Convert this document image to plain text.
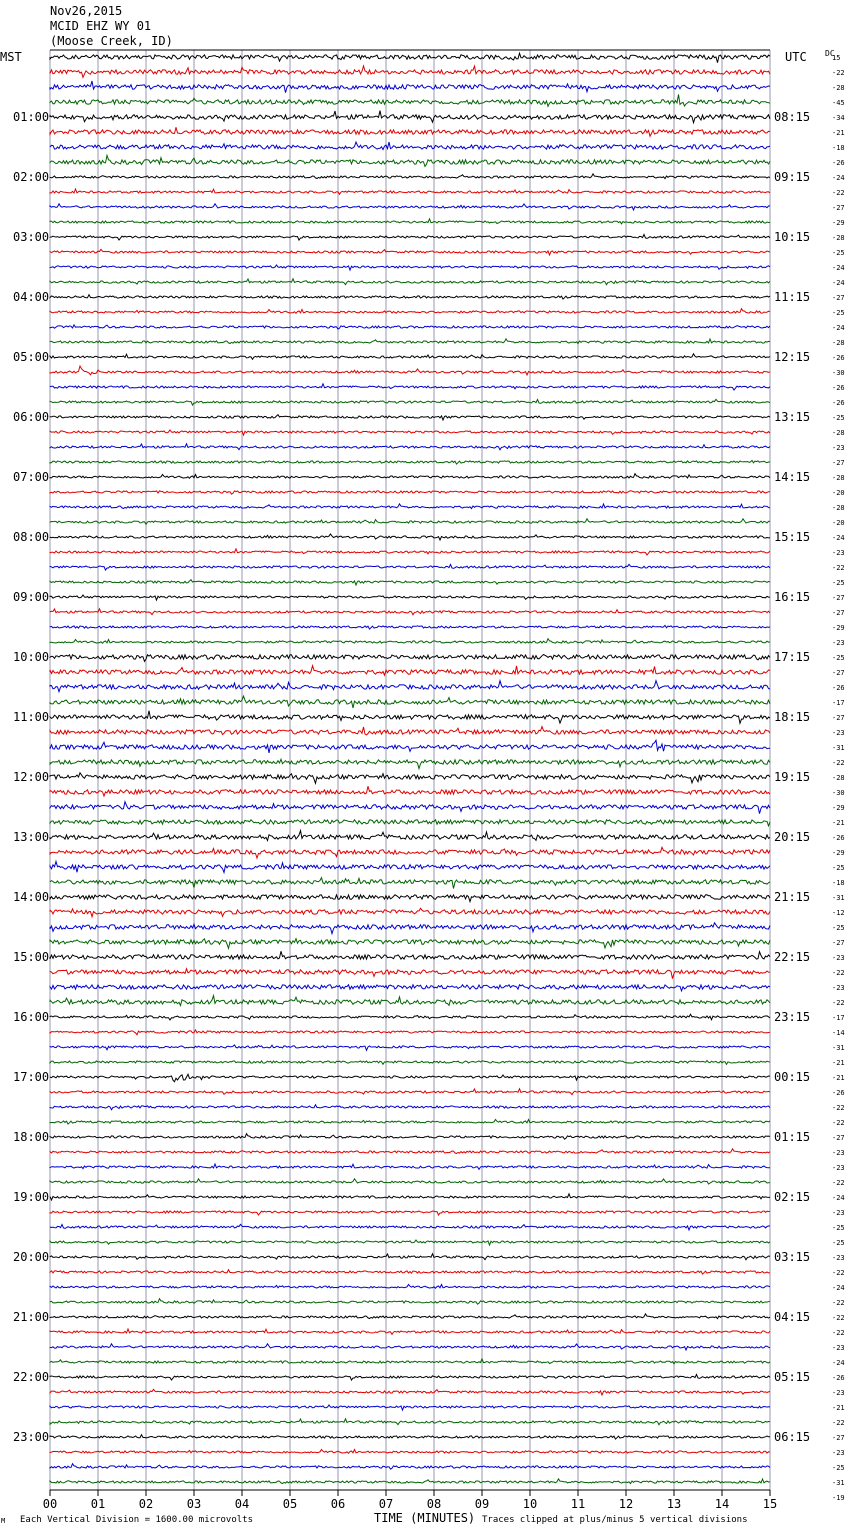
01:00
02:00
03:00
04:00
05:00
06:00
07:00
08:00
09:00
10:00
11:00
12:00
13:00
14:00
15:00
16:00
17:00
18:00
19:00
20:00
21:00
22:00
23:00
08:15
09:15
10:15
11:15
12:15
13:15
14:15
15:15
16:15
17:15
18:15
19:15
20:15
21:15
22:15
23:15
00:15
01:15
02:15
03:15
04:15
05:15
06:15
15
-22
-28
-45
-34
-21
-18
-26
-24
-22
-27
-29
-28
-25
-24
-24
-27
-25
-24
-28
-26
-30
-26
-26
-25
-28
-23
-27
-28
-20
-28
-20
-24
-23
-22
-25
-27
-27
-29
-23
-25
-27
-26
-17
-27
-23
-31
-22
-28
-30
-29
-21
-26
-29
-25
-18
-31
-12
-25
-27
-23
-22
-23
-22
-17
-14
-31
-21
-21
-26
-22
-22
-27
-23
-23
-22
-24
-23
-25
-25
-23
-22
-24
-22
-22
-22
-23
-24
-26
-23
-21
-22
-27
-23
-25
-31
-19
00	01	02	03	04	05	06	07	08	09	10	11	12	13	14	15
Nov26,2015
MCID EHZ WY 01
(Moose Creek, ID)
MST	UTC DC
M Each Vertical Division = 1600.00 microvolts	TIME (MINUTES) Traces clipped at plus/minus 5 vertical divisions
